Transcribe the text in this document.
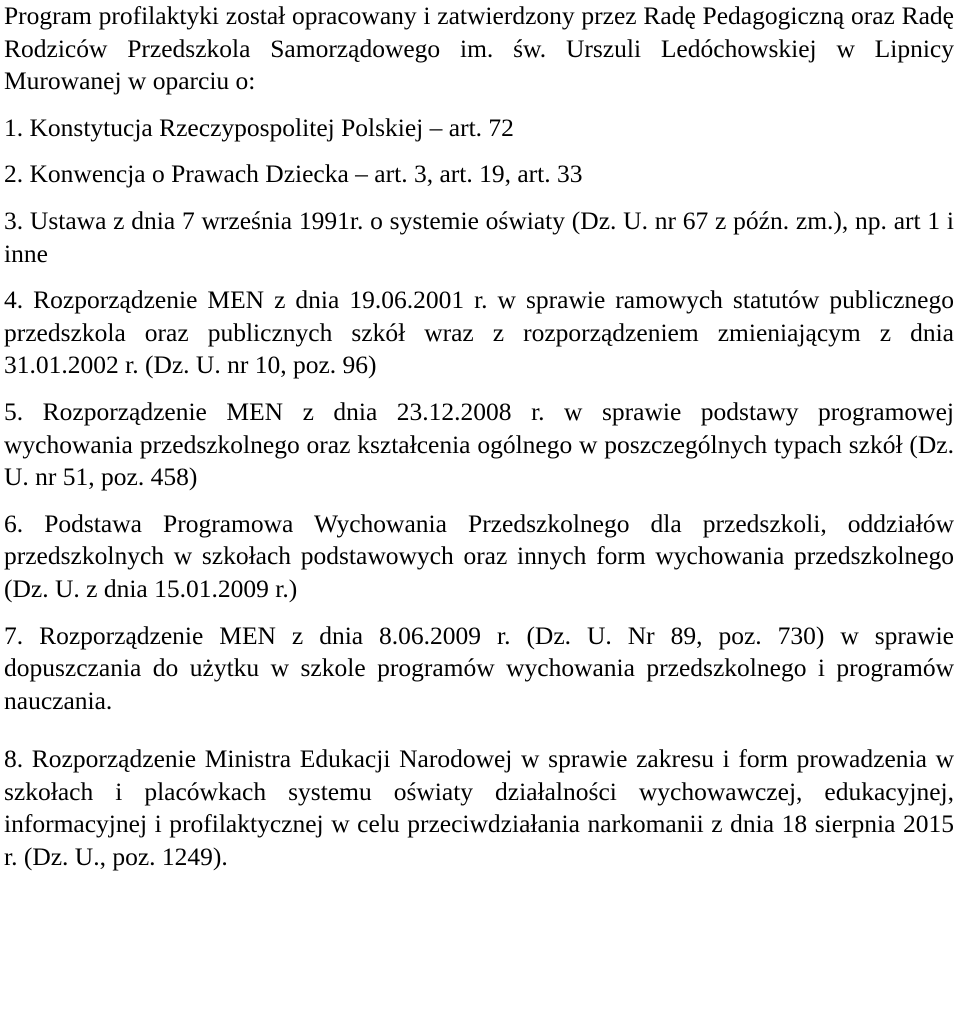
Program profilaktyki został opracowany i zatwierdzony przez Radę Pedagogiczną oraz Radę Rodziców Przedszkola Samorządowego im. św. Urszuli Ledóchowskiej w Lipnicy Murowanej w oparciu o:

1. Konstytucja Rzeczypospolitej Polskiej – art. 72

2. Konwencja o Prawach Dziecka – art. 3, art. 19, art. 33

3. Ustawa z dnia 7 września 1991r. o systemie oświaty (Dz. U. nr 67 z późn. zm.), np. art 1 i inne

4. Rozporządzenie MEN z dnia 19.06.2001 r. w sprawie ramowych statutów publicznego przedszkola oraz publicznych szkół wraz z rozporządzeniem zmieniającym z dnia 31.01.2002 r. (Dz. U. nr 10, poz. 96)

5. Rozporządzenie MEN z dnia 23.12.2008 r. w sprawie podstawy programowej wychowania przedszkolnego oraz kształcenia ogólnego w poszczególnych typach szkół (Dz. U. nr 51, poz. 458)

6. Podstawa Programowa Wychowania Przedszkolnego dla przedszkoli, oddziałów przedszkolnych w szkołach podstawowych oraz innych form wychowania przedszkolnego (Dz. U. z dnia 15.01.2009 r.)

7. Rozporządzenie MEN z dnia 8.06.2009 r. (Dz. U. Nr 89, poz. 730) w sprawie dopuszczania do użytku w szkole programów wychowania przedszkolnego i programów nauczania.

8. Rozporządzenie Ministra Edukacji Narodowej w sprawie zakresu i form prowadzenia w szkołach i placówkach systemu oświaty działalności wychowawczej, edukacyjnej, informacyjnej i profilaktycznej w celu przeciwdziałania narkomanii z dnia 18 sierpnia 2015 r. (Dz. U., poz. 1249).
